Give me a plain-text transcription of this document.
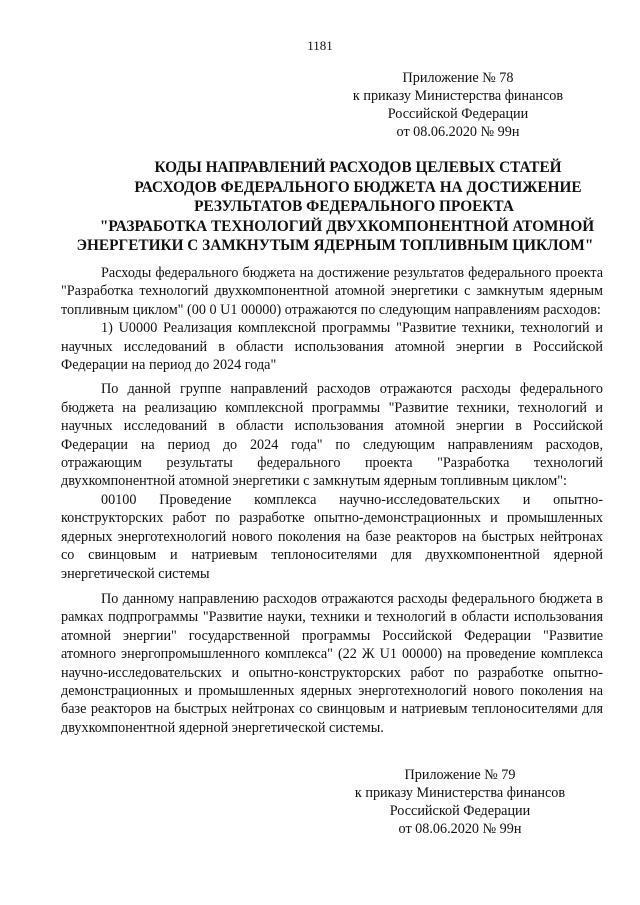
1181
Приложение № 78
к приказу Министерства финансов
Российской Федерации
от 08.06.2020 № 99н
КОДЫ НАПРАВЛЕНИЙ РАСХОДОВ ЦЕЛЕВЫХ СТАТЕЙ
РАСХОДОВ ФЕДЕРАЛЬНОГО БЮДЖЕТА НА ДОСТИЖЕНИЕ
РЕЗУЛЬТАТОВ ФЕДЕРАЛЬНОГО ПРОЕКТА
"РАЗРАБОТКА ТЕХНОЛОГИЙ ДВУХКОМПОНЕНТНОЙ АТОМНОЙ
ЭНЕРГЕТИКИ С ЗАМКНУТЫМ ЯДЕРНЫМ ТОПЛИВНЫМ ЦИКЛОМ"

Расходы федерального бюджета на достижение результатов федерального проекта "Разработка технологий двухкомпонентной атомной энергетики с замкнутым ядерным топливным циклом" (00 0 U1 00000) отражаются по следующим направлениям расходов:

1) U0000 Реализация комплексной программы "Развитие техники, технологий и научных исследований в области использования атомной энергии в Российской Федерации на период до 2024 года"

По данной группе направлений расходов отражаются расходы федерального бюджета на реализацию комплексной программы "Развитие техники, технологий и научных исследований в области использования атомной энергии в Российской Федерации на период до 2024 года" по следующим направлениям расходов, отражающим результаты федерального проекта "Разработка технологий двухкомпонентной атомной энергетики с замкнутым ядерным топливным циклом":

00100 Проведение комплекса научно-исследовательских и опытно-конструкторских работ по разработке опытно-демонстрационных и промышленных ядерных энерготехнологий нового поколения на базе реакторов на быстрых нейтронах со свинцовым и натриевым теплоносителями для двухкомпонентной ядерной энергетической системы

По данному направлению расходов отражаются расходы федерального бюджета в рамках подпрограммы "Развитие науки, техники и технологий в области использования атомной энергии" государственной программы Российской Федерации "Развитие атомного энергопромышленного комплекса" (22 Ж U1 00000) на проведение комплекса научно-исследовательских и опытно-конструкторских работ по разработке опытно-демонстрационных и промышленных ядерных энерготехнологий нового поколения на базе реакторов на быстрых нейтронах со свинцовым и натриевым теплоносителями для двухкомпонентной ядерной энергетической системы.

Приложение № 79
к приказу Министерства финансов
Российской Федерации
от 08.06.2020 № 99н
